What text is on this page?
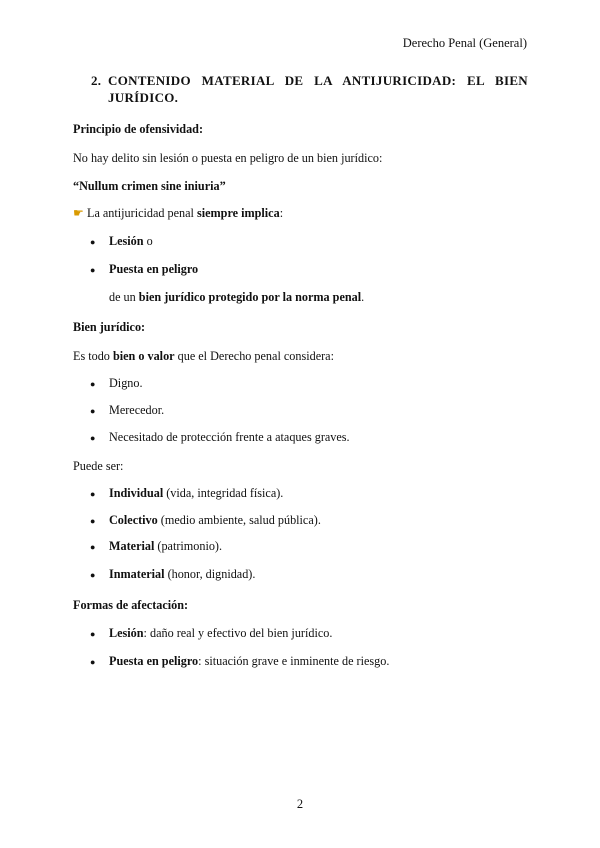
Derecho Penal (General)
2. CONTENIDO MATERIAL DE LA ANTIJURICIDAD: EL BIEN JURÍDICO.
Principio de ofensividad:
No hay delito sin lesión o puesta en peligro de un bien jurídico:
“Nullum crimen sine iniuria”
☛ La antijuricidad penal siempre implica:
● Lesión o
● Puesta en peligro
de un bien jurídico protegido por la norma penal.
Bien jurídico:
Es todo bien o valor que el Derecho penal considera:
● Digno.
● Merecedor.
● Necesitado de protección frente a ataques graves.
Puede ser:
● Individual (vida, integridad física).
● Colectivo (medio ambiente, salud pública).
● Material (patrimonio).
● Inmaterial (honor, dignidad).
Formas de afectación:
● Lesión: daño real y efectivo del bien jurídico.
● Puesta en peligro: situación grave e inminente de riesgo.
2
